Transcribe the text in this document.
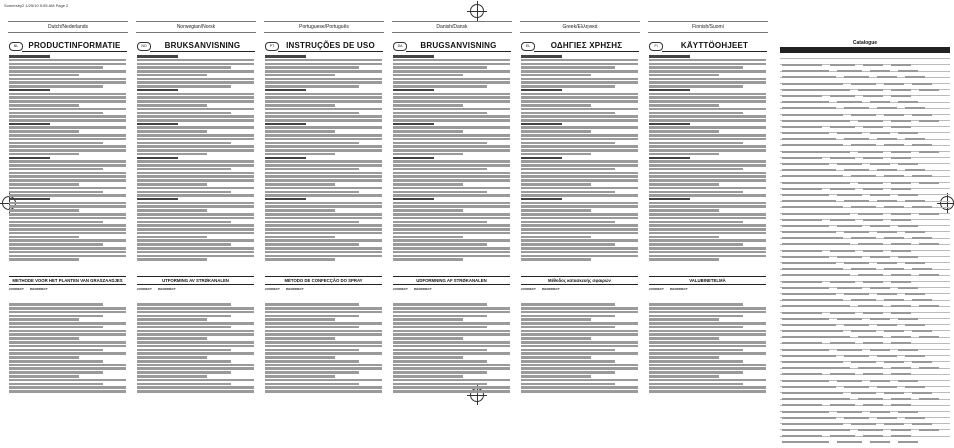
Somersby2 1/25/10 9:55 AM Page 2
Dutch/Nederlands	Norwegian/Norsk	Portuguese/Português	Danish/Dansk	Greek/Ελληνικά	Finnish/Suomi
NL	PRODUCTINFORMATIE
METHODE VOOR HET PLANTEN VAN GRASZAADJES
CORRECT INCORRECT
NO	BRUKSANVISNING
UTFORMING AV STRØKANALEN
CORRECT INCORRECT
PT	INSTRUÇÕES DE USO
MÉTODO DE CONFECÇÃO DO SPRAY
CORRECT INCORRECT
DA	BRUGSANVISNING
UDFORMNING AF STRØKANALEN
CORRECT INCORRECT
EL	ΟΔΗΓΙΕΣ ΧΡΗΣΗΣ
Μέθοδος κατασκευής σφαιρών
CORRECT INCORRECT
FI	KÄYTTÖOHJEET
VALUBINETELMÄ
CORRECT INCORRECT
Catalogue
